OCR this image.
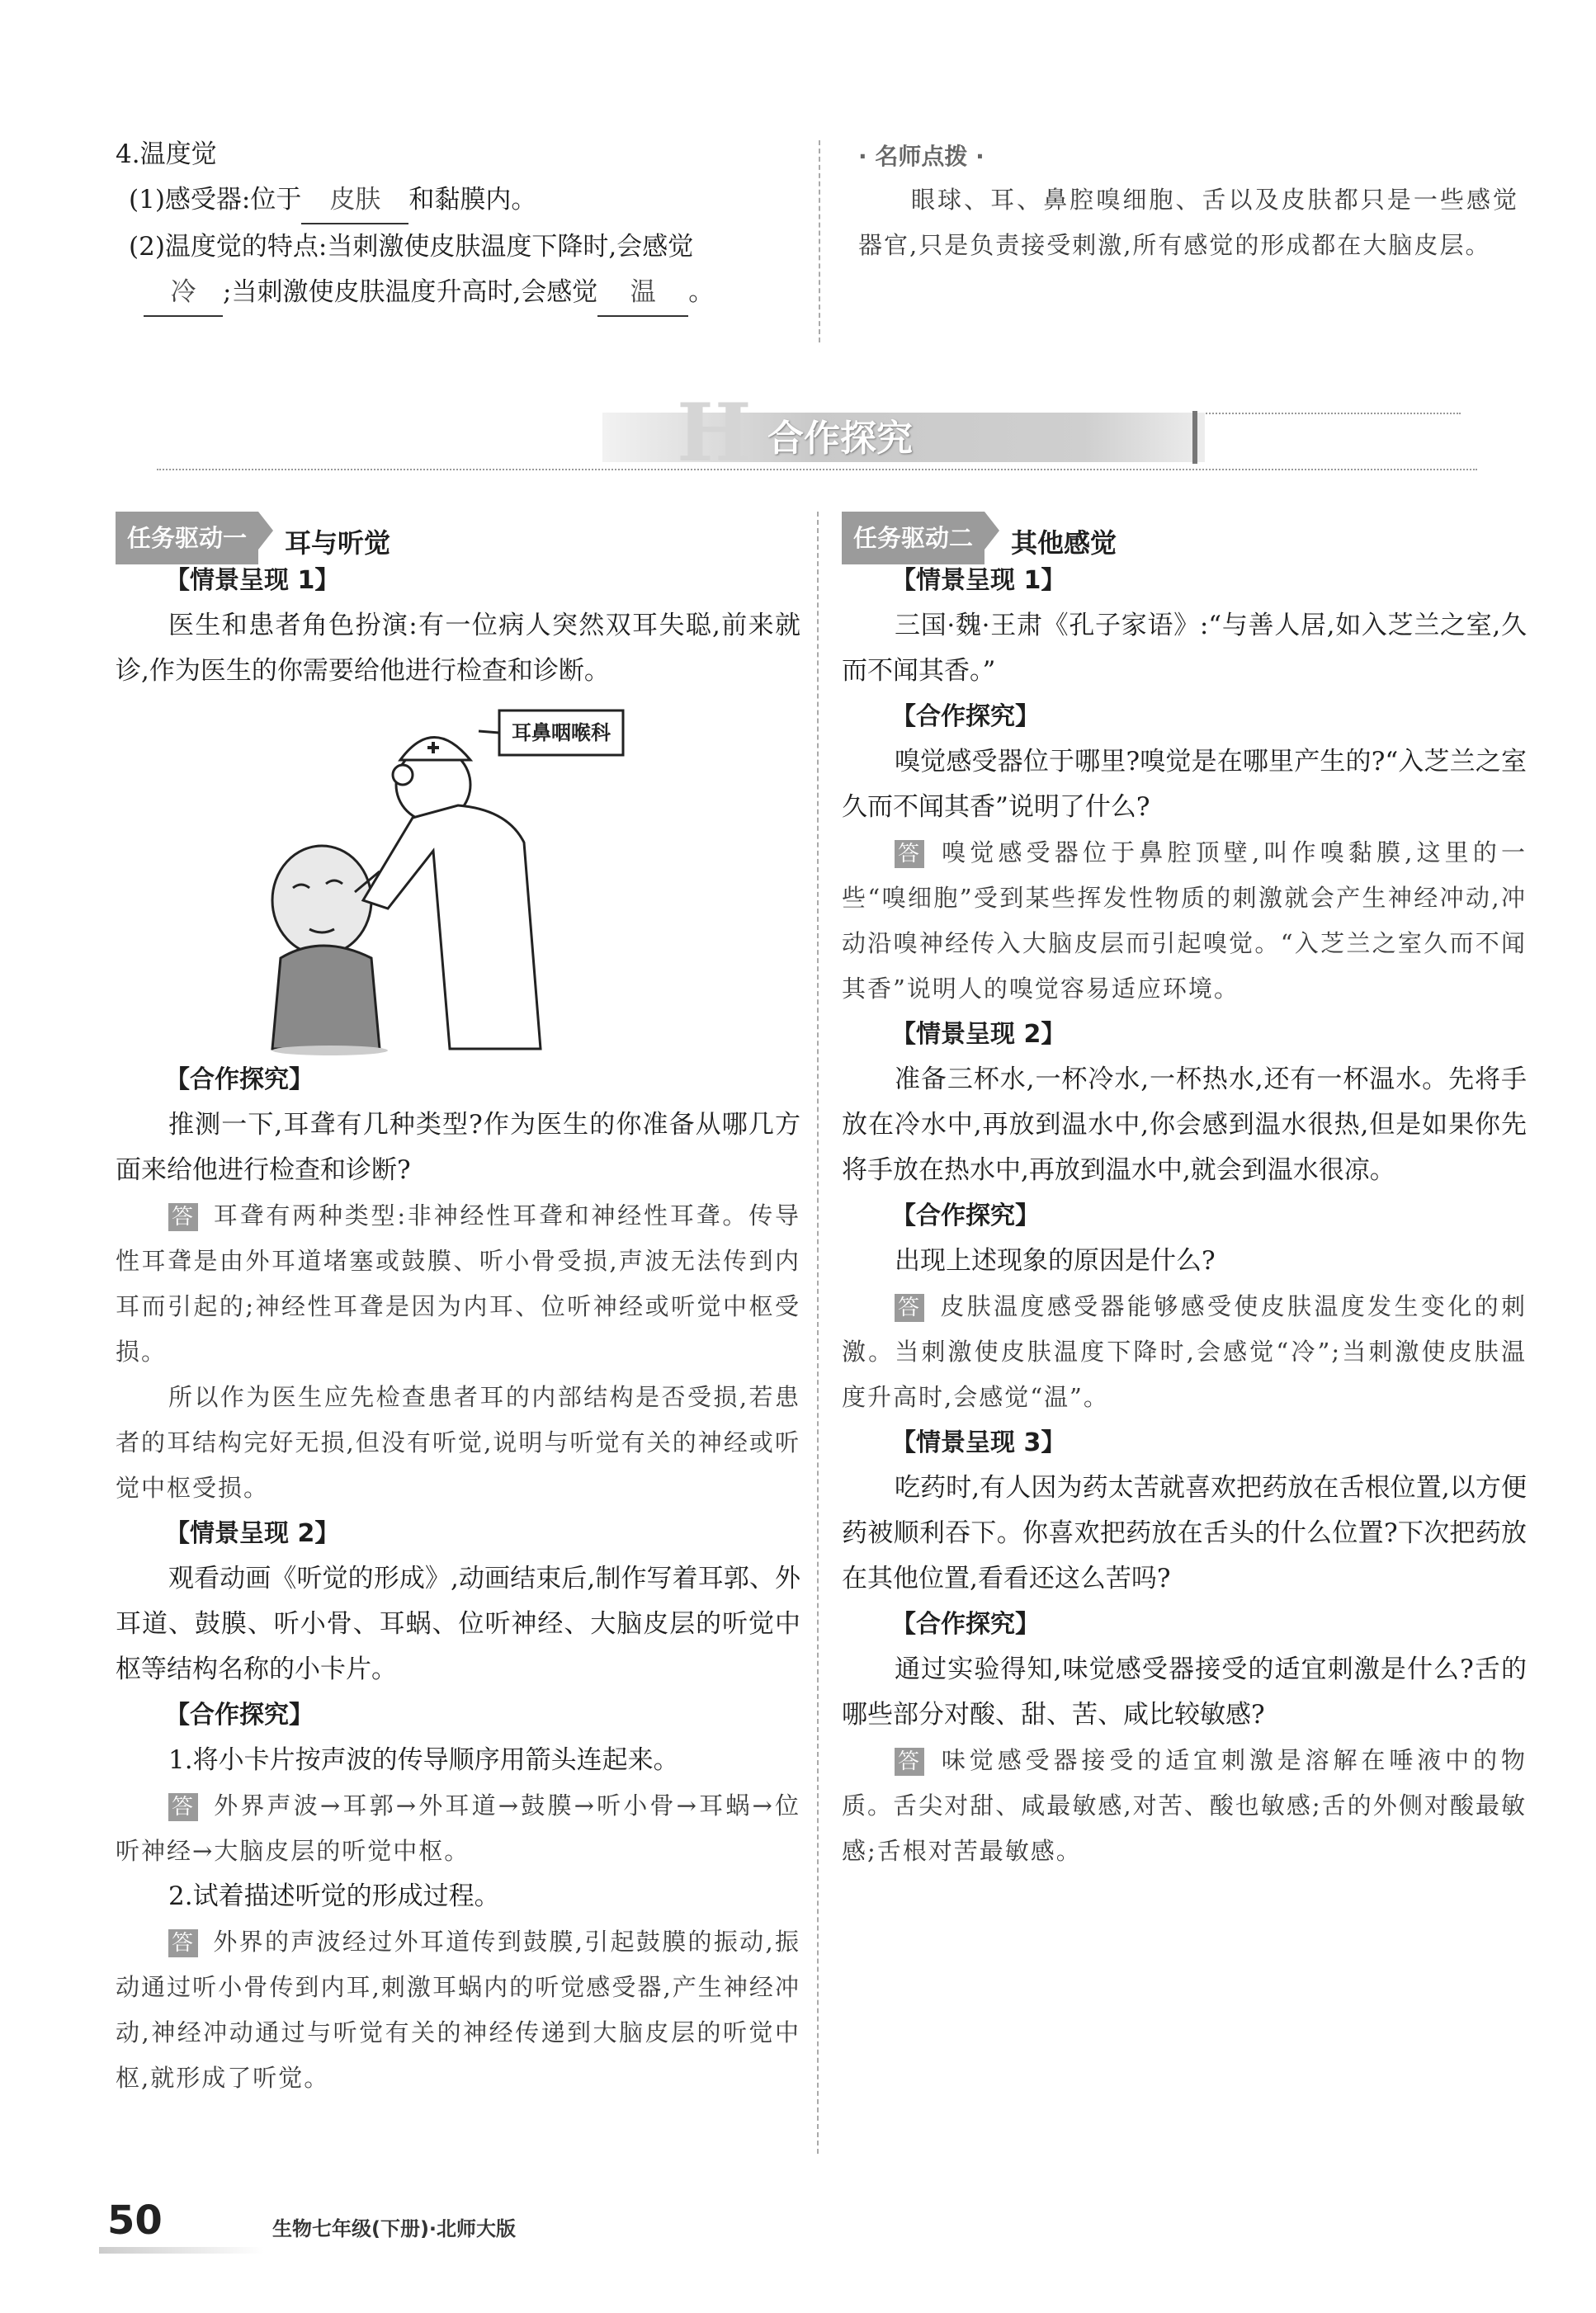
4.温度觉

(1)感受器:位于 皮肤 和黏膜内。

(2)温度觉的特点:当刺激使皮肤温度下降时,会感觉

冷 ;当刺激使皮肤温度升高时,会感觉 温 。

· 名师点拨 ·

眼球、耳、鼻腔嗅细胞、舌以及皮肤都只是一些感觉器官,只是负责接受刺激,所有感觉的形成都在大脑皮层。

H 合作探究
任务驱动一 耳与听觉

【情景呈现 1】

医生和患者角色扮演:有一位病人突然双耳失聪,前来就诊,作为医生的你需要给他进行检查和诊断。

耳鼻咽喉科

【合作探究】

推测一下,耳聋有几种类型?作为医生的你准备从哪几方面来给他进行检查和诊断?

答 耳聋有两种类型:非神经性耳聋和神经性耳聋。传导性耳聋是由外耳道堵塞或鼓膜、听小骨受损,声波无法传到内耳而引起的;神经性耳聋是因为内耳、位听神经或听觉中枢受损。

所以作为医生应先检查患者耳的内部结构是否受损,若患者的耳结构完好无损,但没有听觉,说明与听觉有关的神经或听觉中枢受损。

【情景呈现 2】

观看动画《听觉的形成》,动画结束后,制作写着耳郭、外耳道、鼓膜、听小骨、耳蜗、位听神经、大脑皮层的听觉中枢等结构名称的小卡片。

【合作探究】

1.将小卡片按声波的传导顺序用箭头连起来。

答 外界声波→耳郭→外耳道→鼓膜→听小骨→耳蜗→位听神经→大脑皮层的听觉中枢。

2.试着描述听觉的形成过程。

答 外界的声波经过外耳道传到鼓膜,引起鼓膜的振动,振动通过听小骨传到内耳,刺激耳蜗内的听觉感受器,产生神经冲动,神经冲动通过与听觉有关的神经传递到大脑皮层的听觉中枢,就形成了听觉。

任务驱动二 其他感觉

【情景呈现 1】

三国·魏·王肃《孔子家语》:“与善人居,如入芝兰之室,久而不闻其香。”

【合作探究】

嗅觉感受器位于哪里?嗅觉是在哪里产生的?“入芝兰之室久而不闻其香”说明了什么?

答 嗅觉感受器位于鼻腔顶壁,叫作嗅黏膜,这里的一些“嗅细胞”受到某些挥发性物质的刺激就会产生神经冲动,冲动沿嗅神经传入大脑皮层而引起嗅觉。“入芝兰之室久而不闻其香”说明人的嗅觉容易适应环境。

【情景呈现 2】

准备三杯水,一杯冷水,一杯热水,还有一杯温水。先将手放在冷水中,再放到温水中,你会感到温水很热,但是如果你先将手放在热水中,再放到温水中,就会到温水很凉。

【合作探究】

出现上述现象的原因是什么?

答 皮肤温度感受器能够感受使皮肤温度发生变化的刺激。当刺激使皮肤温度下降时,会感觉“冷”;当刺激使皮肤温度升高时,会感觉“温”。

【情景呈现 3】

吃药时,有人因为药太苦就喜欢把药放在舌根位置,以方便药被顺利吞下。你喜欢把药放在舌头的什么位置?下次把药放在其他位置,看看还这么苦吗?

【合作探究】

通过实验得知,味觉感受器接受的适宜刺激是什么?舌的哪些部分对酸、甜、苦、咸比较敏感?

答 味觉感受器接受的适宜刺激是溶解在唾液中的物质。舌尖对甜、咸最敏感,对苦、酸也敏感;舌的外侧对酸最敏感;舌根对苦最敏感。

50	生物七年级(下册)·北师大版
